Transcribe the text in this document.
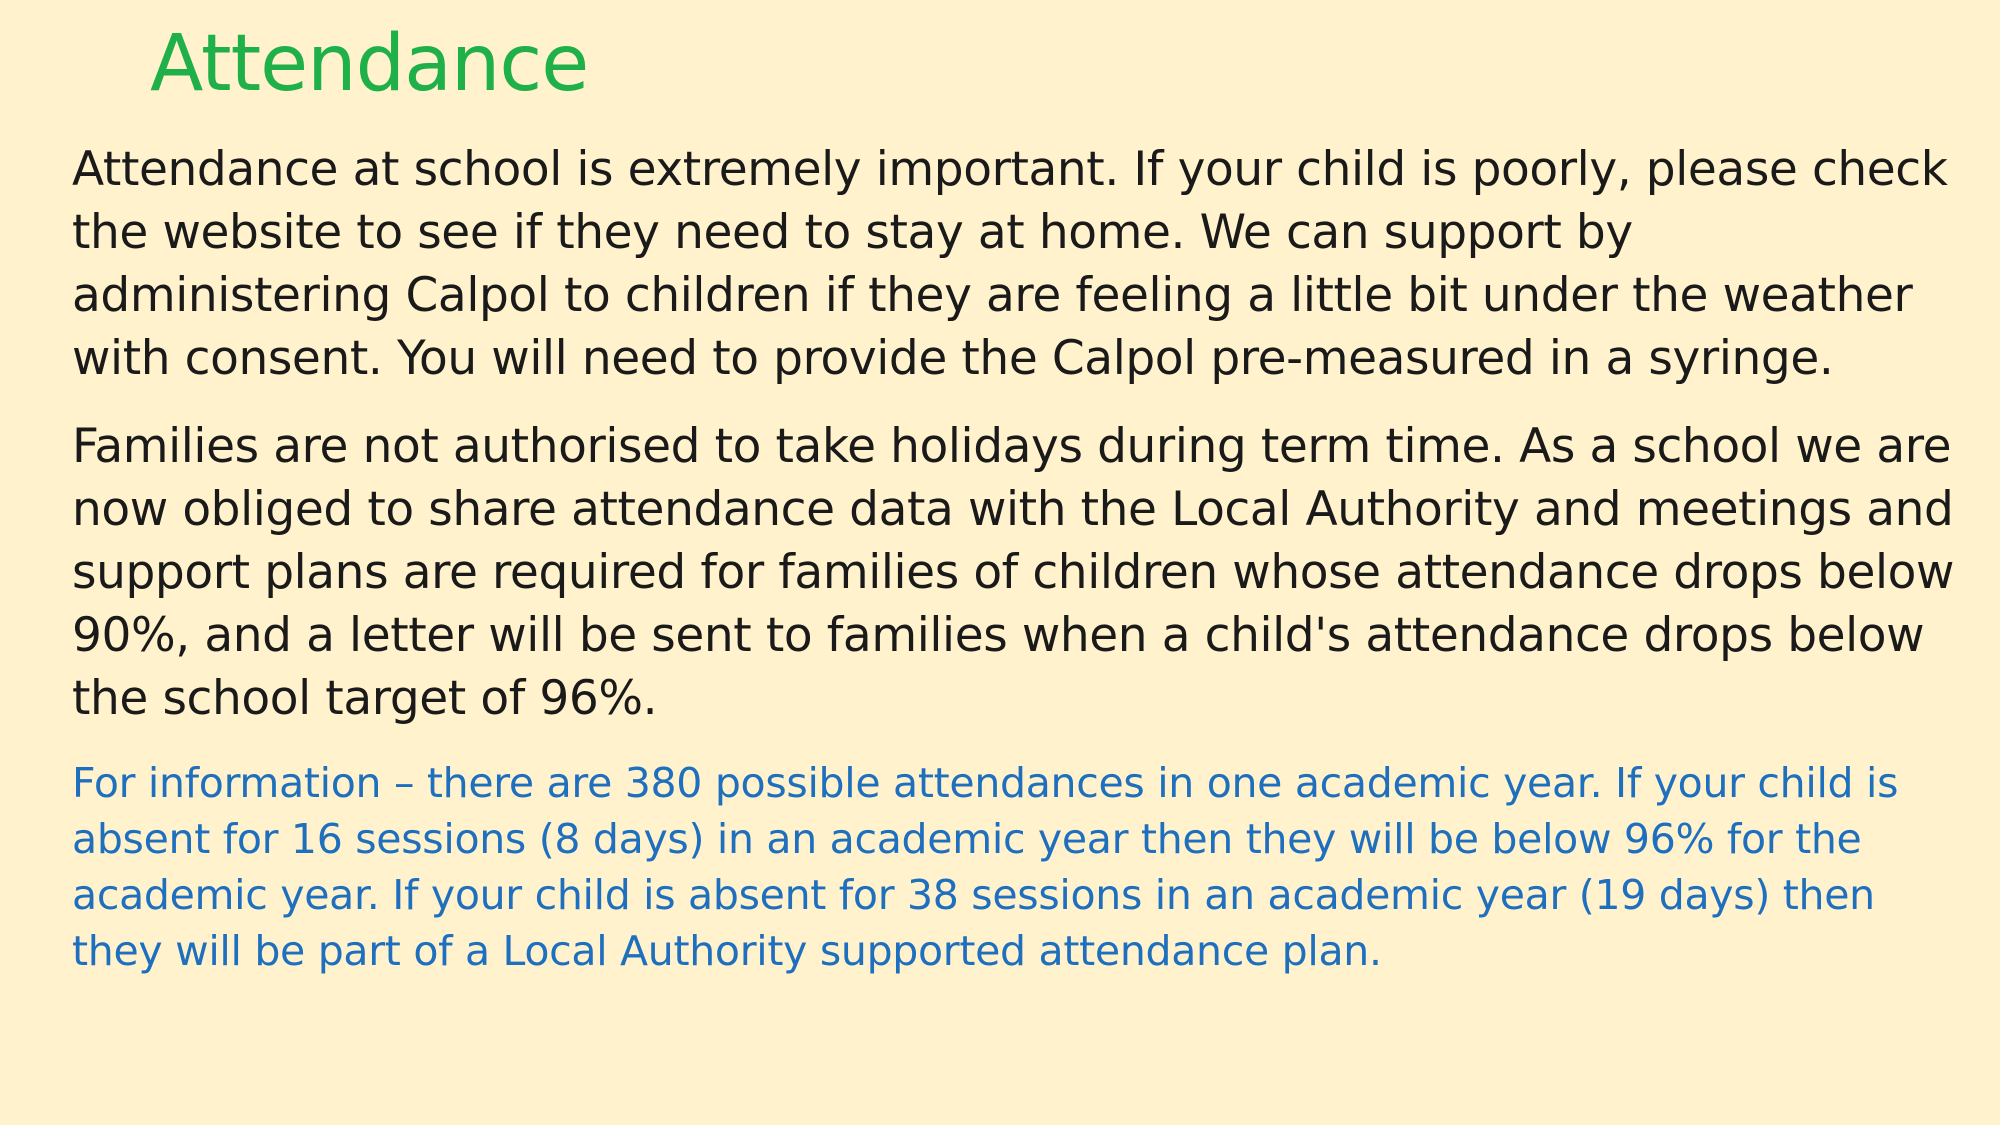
Attendance

Attendance at school is extremely important. If your child is poorly, please check the website to see if they need to stay at home. We can support by administering Calpol to children if they are feeling a little bit under the weather with consent. You will need to provide the Calpol pre-measured in a syringe.

Families are not authorised to take holidays during term time. As a school we are now obliged to share attendance data with the Local Authority and meetings and support plans are required for families of children whose attendance drops below 90%, and a letter will be sent to families when a child's attendance drops below the school target of 96%.

For information – there are 380 possible attendances in one academic year. If your child is absent for 16 sessions (8 days) in an academic year then they will be below 96% for the academic year. If your child is absent for 38 sessions in an academic year (19 days) then they will be part of a Local Authority supported attendance plan.
